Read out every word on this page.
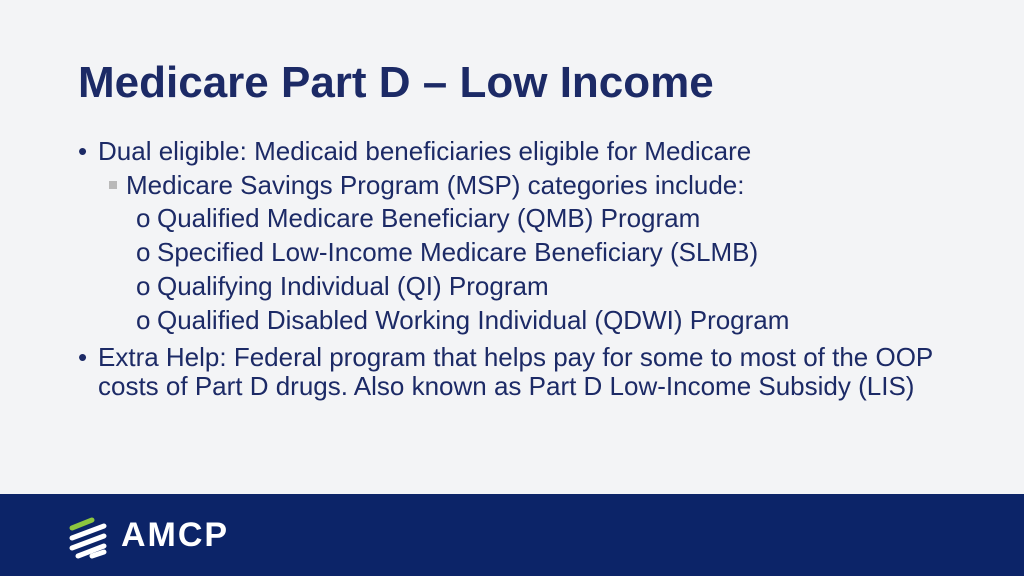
Medicare Part D – Low Income
• Dual eligible: Medicaid beneficiaries eligible for Medicare
Medicare Savings Program (MSP) categories include:
o Qualified Medicare Beneficiary (QMB) Program
o Specified Low-Income Medicare Beneficiary (SLMB)
o Qualifying Individual (QI) Program
o Qualified Disabled Working Individual (QDWI) Program
• Extra Help: Federal program that helps pay for some to most of the OOP costs of Part D drugs. Also known as Part D Low-Income Subsidy (LIS)
AMCP
